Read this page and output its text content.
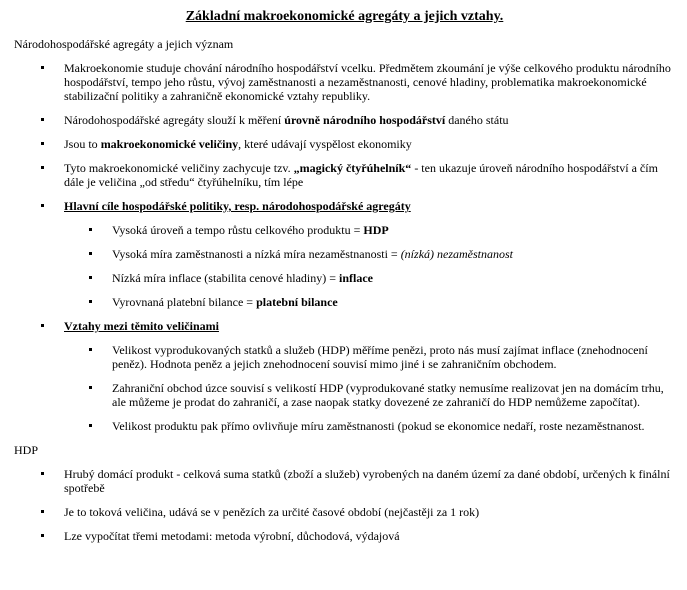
Základní makroekonomické agregáty a jejich vztahy.
Národohospodářské agregáty a jejich význam
Makroekonomie studuje chování národního hospodářství vcelku. Předmětem zkoumání je výše celkového produktu národního hospodářství, tempo jeho růstu, vývoj zaměstnanosti a nezaměstnanosti, cenové hladiny, problematika makroekonomické stabilizační politiky a zahraničně ekonomické vztahy republiky.
Národohospodářské agregáty slouží k měření úrovně národního hospodářství daného státu
Jsou to makroekonomické veličiny, které udávají vyspělost ekonomiky
Tyto makroekonomické veličiny zachycuje tzv. „magický čtyřúhelník“ - ten ukazuje úroveň národního hospodářství a čím dále je veličina „od středu“ čtyřúhelníku, tím lépe
Hlavní cíle hospodářské politiky, resp. národohospodářské agregáty
Vysoká úroveň a tempo růstu celkového produktu = HDP
Vysoká míra zaměstnanosti a nízká míra nezaměstnanosti = (nízká) nezaměstnanost
Nízká míra inflace (stabilita cenové hladiny) = inflace
Vyrovnaná platební bilance = platební bilance
Vztahy mezi těmito veličinami
Velikost vyprodukovaných statků a služeb (HDP) měříme penězi, proto nás musí zajímat inflace (znehodnocení peněz). Hodnota peněz a jejich znehodnocení souvisí mimo jiné i se zahraničním obchodem.
Zahraniční obchod úzce souvisí s velikostí HDP (vyprodukované statky nemusíme realizovat jen na domácím trhu, ale můžeme je prodat do zahraničí, a zase naopak statky dovezené ze zahraničí do HDP nemůžeme započítat).
Velikost produktu pak přímo ovlivňuje míru zaměstnanosti (pokud se ekonomice nedaří, roste nezaměstnanost.
HDP
Hrubý domácí produkt - celková suma statků (zboží a služeb) vyrobených na daném území za dané období, určených k finální spotřebě
Je to toková veličina, udává se v penězích za určité časové období (nejčastěji za 1 rok)
Lze vypočítat třemi metodami: metoda výrobní, důchodová, výdajová
